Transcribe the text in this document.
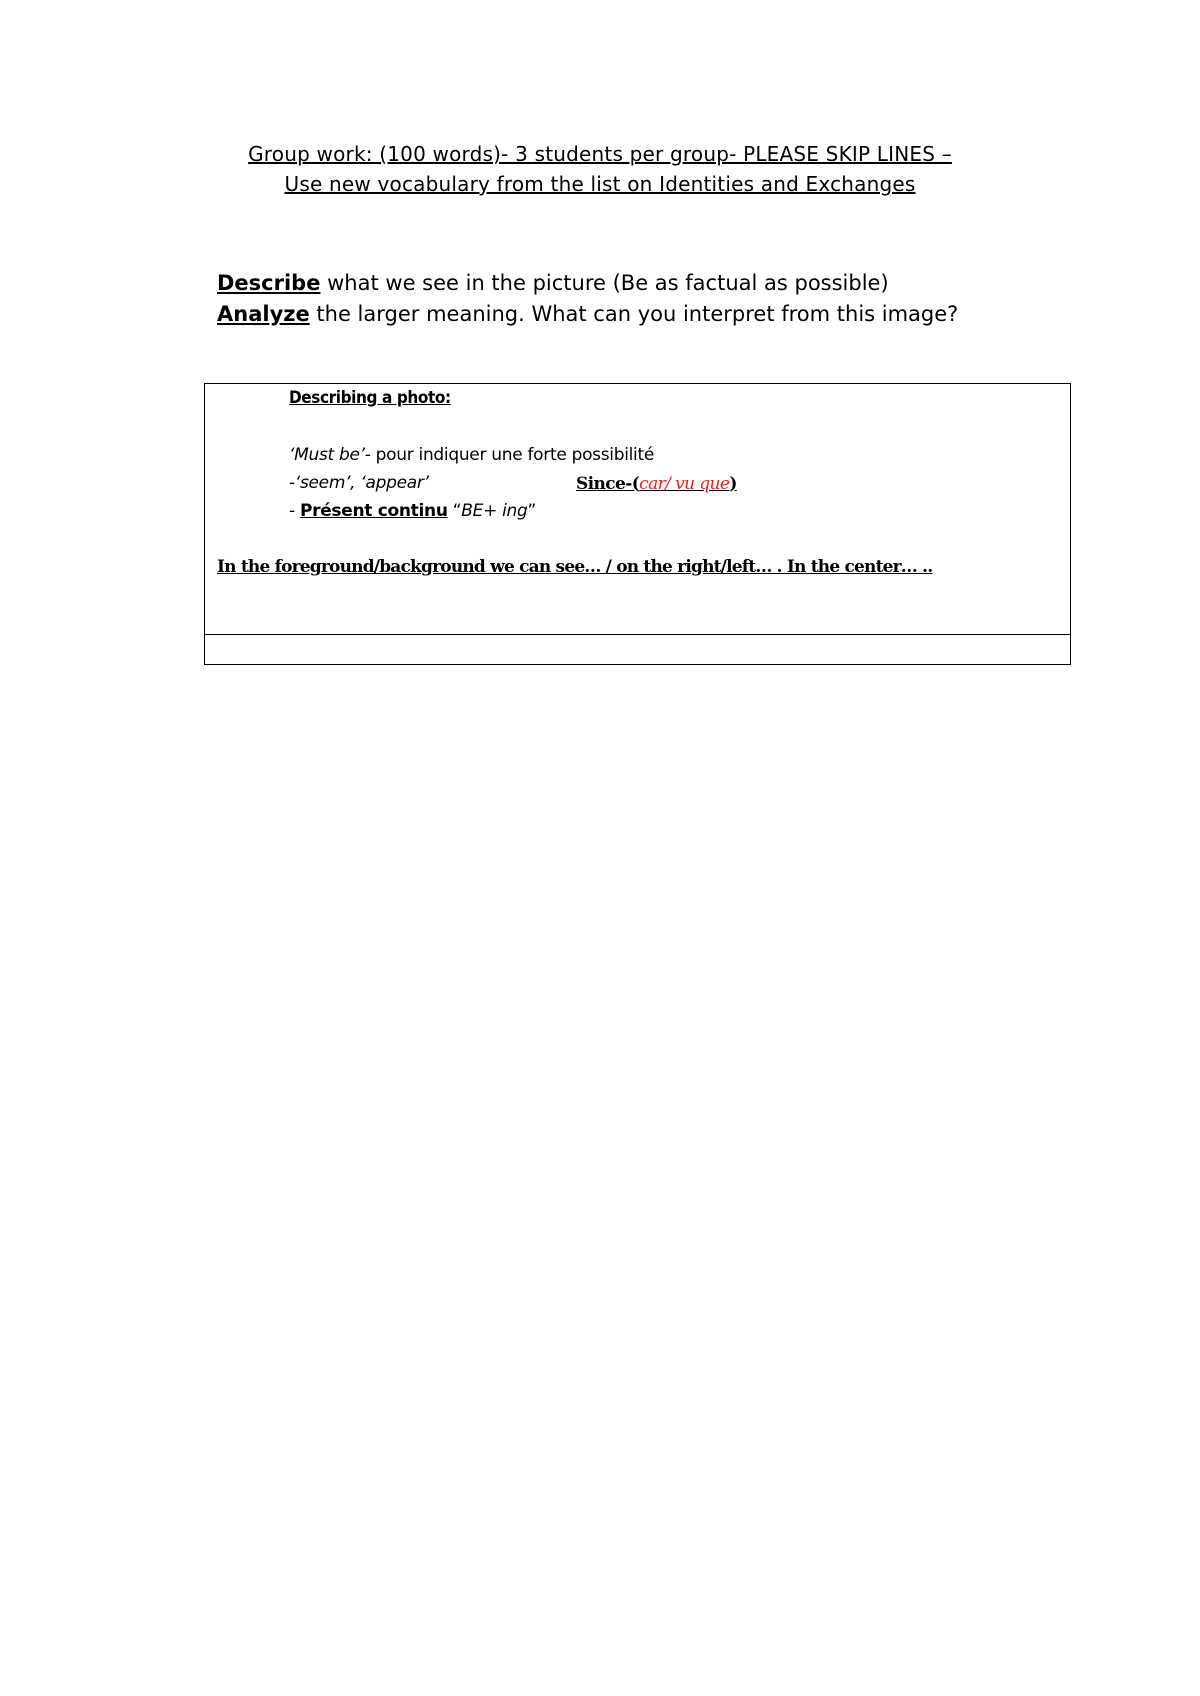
Group work: (100 words)- 3 students per group- PLEASE SKIP LINES –
Use new vocabulary from the list on Identities and Exchanges
Describe what we see in the picture (Be as factual as possible)
Analyze the larger meaning. What can you interpret from this image?
Describing a photo:
‘Must be’- pour indiquer une forte possibilité
-‘seem’, ‘appear’	Since-(car/ vu que)
- Présent continu “BE+ ing”
In the foreground/background we can see… / on the right/left… . In the center… ..
